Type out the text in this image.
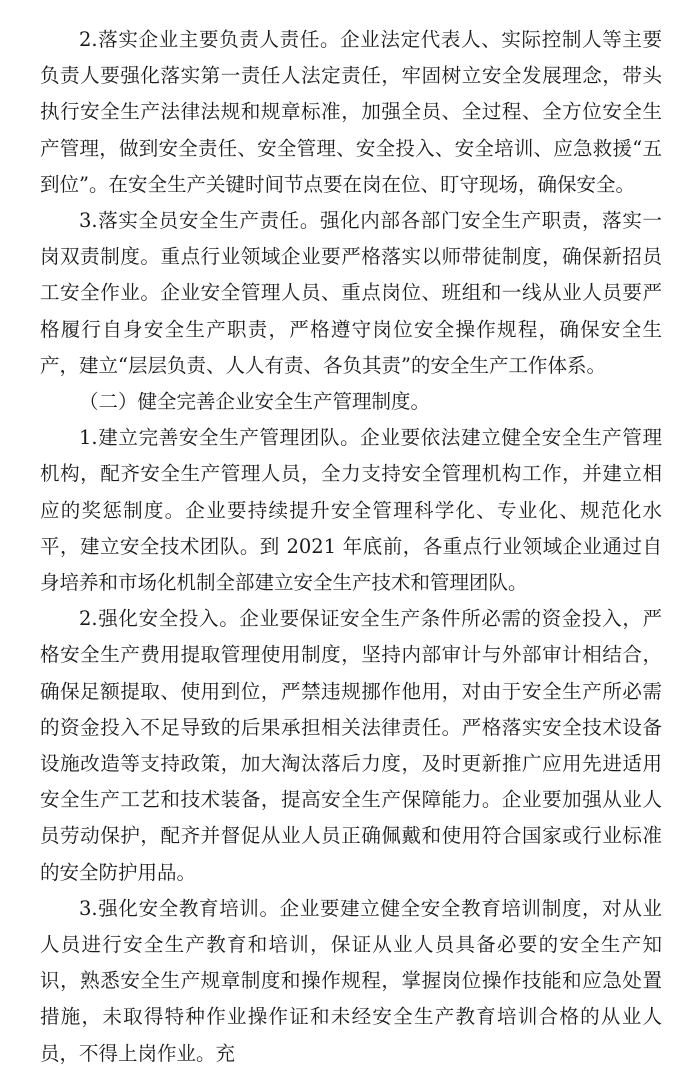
2.落实企业主要负责人责任。企业法定代表人、实际控制人等主要负责人要强化落实第一责任人法定责任，牢固树立安全发展理念，带头执行安全生产法律法规和规章标准，加强全员、全过程、全方位安全生产管理，做到安全责任、安全管理、安全投入、安全培训、应急救援“五到位”。在安全生产关键时间节点要在岗在位、盯守现场，确保安全。

3.落实全员安全生产责任。强化内部各部门安全生产职责，落实一岗双责制度。重点行业领域企业要严格落实以师带徒制度，确保新招员工安全作业。企业安全管理人员、重点岗位、班组和一线从业人员要严格履行自身安全生产职责，严格遵守岗位安全操作规程，确保安全生产，建立“层层负责、人人有责、各负其责”的安全生产工作体系。

（二）健全完善企业安全生产管理制度。

1.建立完善安全生产管理团队。企业要依法建立健全安全生产管理机构，配齐安全生产管理人员，全力支持安全管理机构工作，并建立相应的奖惩制度。企业要持续提升安全管理科学化、专业化、规范化水平，建立安全技术团队。到 2021 年底前，各重点行业领域企业通过自身培养和市场化机制全部建立安全生产技术和管理团队。

2.强化安全投入。企业要保证安全生产条件所必需的资金投入，严格安全生产费用提取管理使用制度，坚持内部审计与外部审计相结合，确保足额提取、使用到位，严禁违规挪作他用，对由于安全生产所必需的资金投入不足导致的后果承担相关法律责任。严格落实安全技术设备设施改造等支持政策，加大淘汰落后力度，及时更新推广应用先进适用安全生产工艺和技术装备，提高安全生产保障能力。企业要加强从业人员劳动保护，配齐并督促从业人员正确佩戴和使用符合国家或行业标准的安全防护用品。

3.强化安全教育培训。企业要建立健全安全教育培训制度，对从业人员进行安全生产教育和培训，保证从业人员具备必要的安全生产知识，熟悉安全生产规章制度和操作规程，掌握岗位操作技能和应急处置措施，未取得特种作业操作证和未经安全生产教育培训合格的从业人员，不得上岗作业。充
